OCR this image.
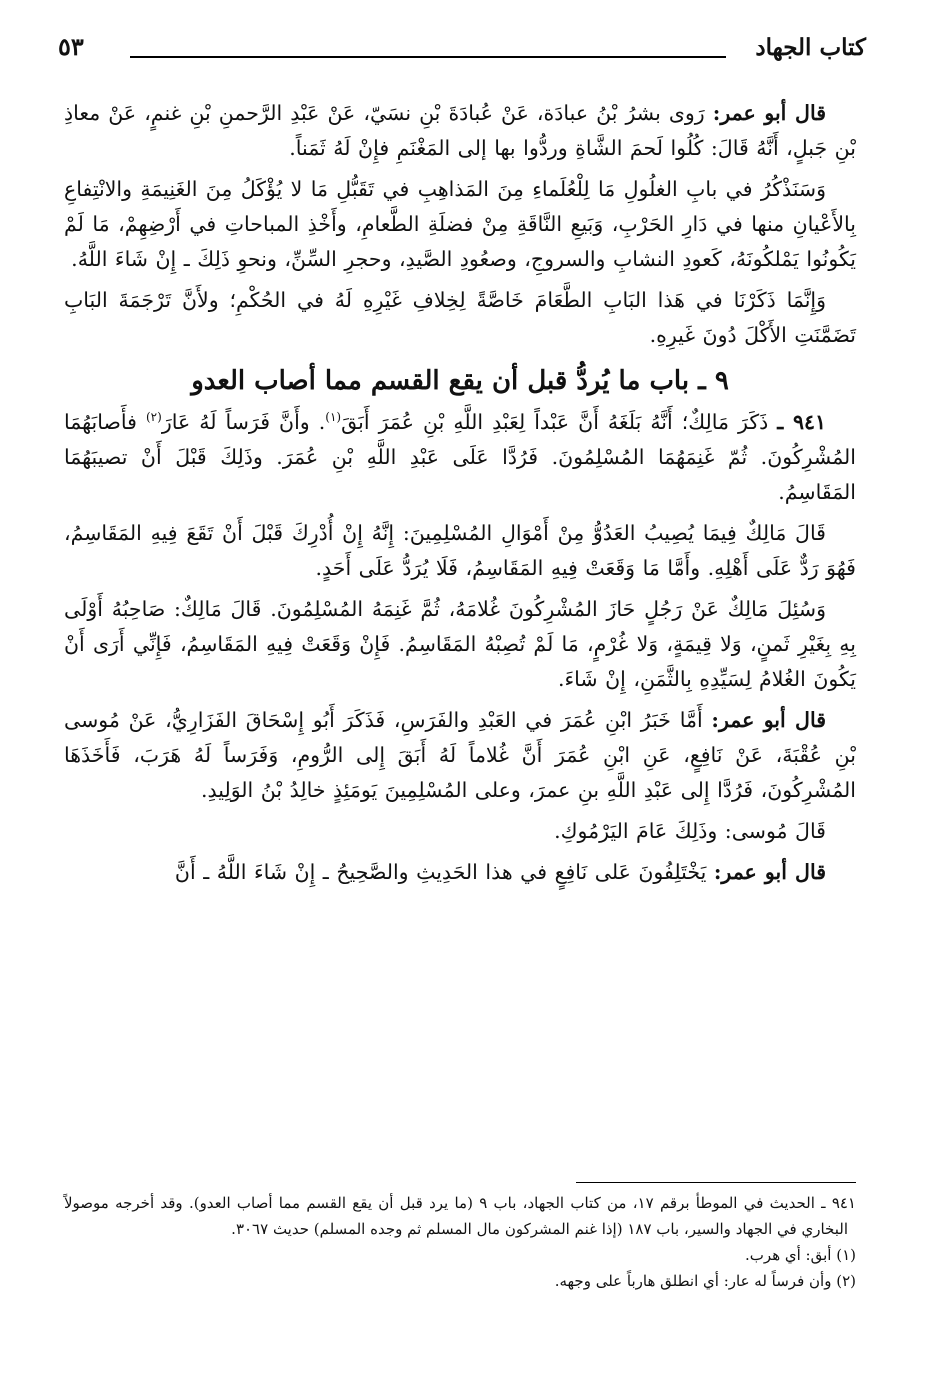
كتاب الجهاد
٥٣

قال أبو عمر: رَوى بشرُ بْنُ عبادَة، عَنْ عُبادَةَ بْنِ نسَيّ، عَنْ عَبْدِ الرَّحمنِ بْنِ غنمٍ، عَنْ معاذِ بْنِ جَبلٍ، أَنَّهُ قَالَ: كُلُوا لَحمَ الشَّاةِ وردُّوا بها إلى المَغْنَمِ فإِنْ لَهُ ثَمَناً.

وَسَنَذْكُرُ في بابِ الغلُولِ مَا لِلْعُلَماءِ مِنَ المَذاهِبِ في تَقَبُّلِ مَا لا يُؤْكَلُ مِنَ الغَنِيمَةِ والانْتِفاعِ بِالأَعْيانِ منها في دَارِ الحَرْبِ، وَبَيعِ النَّاقَةِ مِنْ فضلَةِ الطَّعامِ، وأَخْذِ المباحاتِ في أَرْضِهِمْ، مَا لَمْ يَكُونُوا يَمْلكُونَهُ، كَعودِ النشابِ والسروجِ، وصعُودِ الصَّيدِ، وحجرِ السِّنِّ، ونحوِ ذَلِكَ ـ إِنْ شَاءَ اللَّهُ.

وَإِنَّمَا ذَكَرْنَا في هَذا البَابِ الطَّعَامَ خَاصَّةً لِخِلافِ غَيْرِهِ لَهُ في الحُكْمِ؛ ولأَنَّ تَرْجَمَةَ البَابِ تَضَمَّنَتِ الأَكْلَ دُونَ غَيرِهِ.

٩ ـ باب ما يُردُّ قبل أن يقع القسم مما أصاب العدو

٩٤١ ـ ذَكَرَ مَالِكٌ؛ أَنَّهُ بَلَغَهُ أَنَّ عَبْداً لِعَبْدِ اللَّهِ بْنِ عُمَرَ أَبَقَ$^{(١)}$. وأَنَّ فَرَساً لَهُ عَارَ$^{(٢)}$ فأَصابَهُمَا المُشْرِكُونَ. ثُمّ غَنِمَهُمَا المُسْلِمُونَ. فَرُدَّا عَلَى عَبْدِ اللَّهِ بْنِ عُمَرَ. وذَلِكَ قَبْلَ أَنْ تصيبَهُمَا المَقَاسِمُ.

قَالَ مَالِكٌ فِيمَا يُصِيبُ العَدُوُّ مِنْ أَمْوَالِ المُسْلِمِينَ: إِنَّهُ إِنْ أُدْرِكَ قَبْلَ أَنْ تَقَعَ فِيهِ المَقَاسِمُ، فَهُوَ رَدٌّ عَلَى أَهْلِهِ. وأَمَّا مَا وَقَعَتْ فِيهِ المَقَاسِمُ، فَلَا يُرَدُّ عَلَى أَحَدٍ.

وَسُئِلَ مَالِكٌ عَنْ رَجُلٍ حَازَ المُشْرِكُونَ غُلامَهُ، ثُمَّ غَنِمَهُ المُسْلِمُونَ. قَالَ مَالِكٌ: صَاحِبُهُ أَوْلَى بِهِ بِغَيْرِ ثَمنٍ، وَلا قِيمَةٍ، وَلا غُرْمٍ، مَا لَمْ تُصِبْهُ المَقَاسِمُ. فَإِنْ وَقَعَتْ فِيهِ المَقَاسِمُ، فَإِنِّي أَرَى أَنْ يَكُونَ الغُلامُ لِسَيِّدِهِ بِالثَّمَنِ، إِنْ شَاءَ.

قال أبو عمر: أَمَّا خَبَرُ ابْنِ عُمَرَ في العَبْدِ والفَرَسِ، فَذَكَرَ أَبُو إِسْحَاقَ الفَزَارِيُّ، عَنْ مُوسى بْنِ عُقْبَةَ، عَنْ نَافِعٍ، عَنِ ابْنِ عُمَرَ أَنَّ غُلاماً لَهُ أَبَقَ إِلى الرُّومِ، وَفَرَساً لَهُ هَرَبَ، فَأَخَذَهَا المُشْرِكُونَ، فَرُدَّا إِلى عَبْدِ اللَّهِ بنِ عمرَ، وعلى المُسْلِمِينَ يَومَئِذٍ خالِدُ بْنُ الوَلِيدِ.

قَالَ مُوسى: وذَلِكَ عَامَ اليَرْمُوكِ.

قال أبو عمر: يَخْتَلِفُونَ عَلى نَافِعٍ في هذا الحَدِيثِ والصَّحِيحُ ـ إِنْ شَاءَ اللَّهُ ـ أَنَّ

٩٤١ ـ الحديث في الموطأ برقم ١٧، من كتاب الجهاد، باب ٩ (ما يرد قبل أن يقع القسم مما أصاب العدو). وقد أخرجه موصولاً البخاري في الجهاد والسير، باب ١٨٧ (إذا غنم المشركون مال المسلم ثم وجده المسلم) حديث ٣٠٦٧.

(١) أبق: أي هرب.

(٢) وأن فرساً له عار: أي انطلق هارباً على وجهه.
